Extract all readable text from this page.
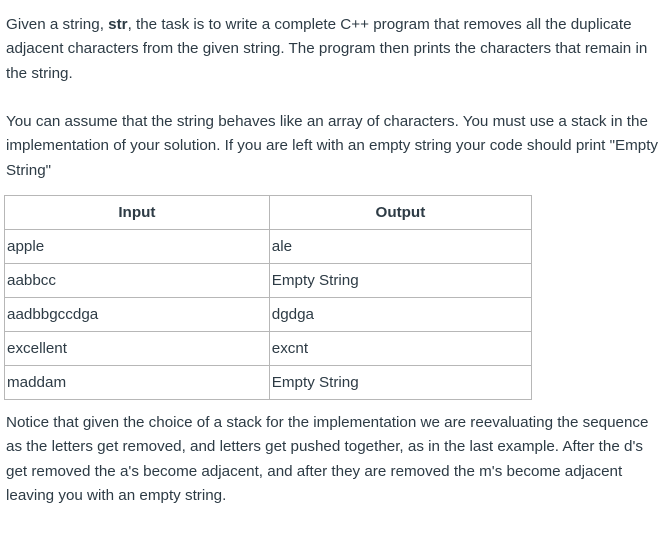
Given a string, str, the task is to write a complete C++ program that removes all the duplicate adjacent characters from the given string. The program then prints the characters that remain in the string.

You can assume that the string behaves like an array of characters. You must use a stack in the implementation of your solution. If you are left with an empty string your code should print "Empty String"

Input	Output
apple	ale
aabbcc	Empty String
aadbbgccdga	dgdga
excellent	excnt
maddam	Empty String

Notice that given the choice of a stack for the implementation we are reevaluating the sequence as the letters get removed, and letters get pushed together, as in the last example. After the d's get removed the a's become adjacent, and after they are removed the m's become adjacent leaving you with an empty string.
